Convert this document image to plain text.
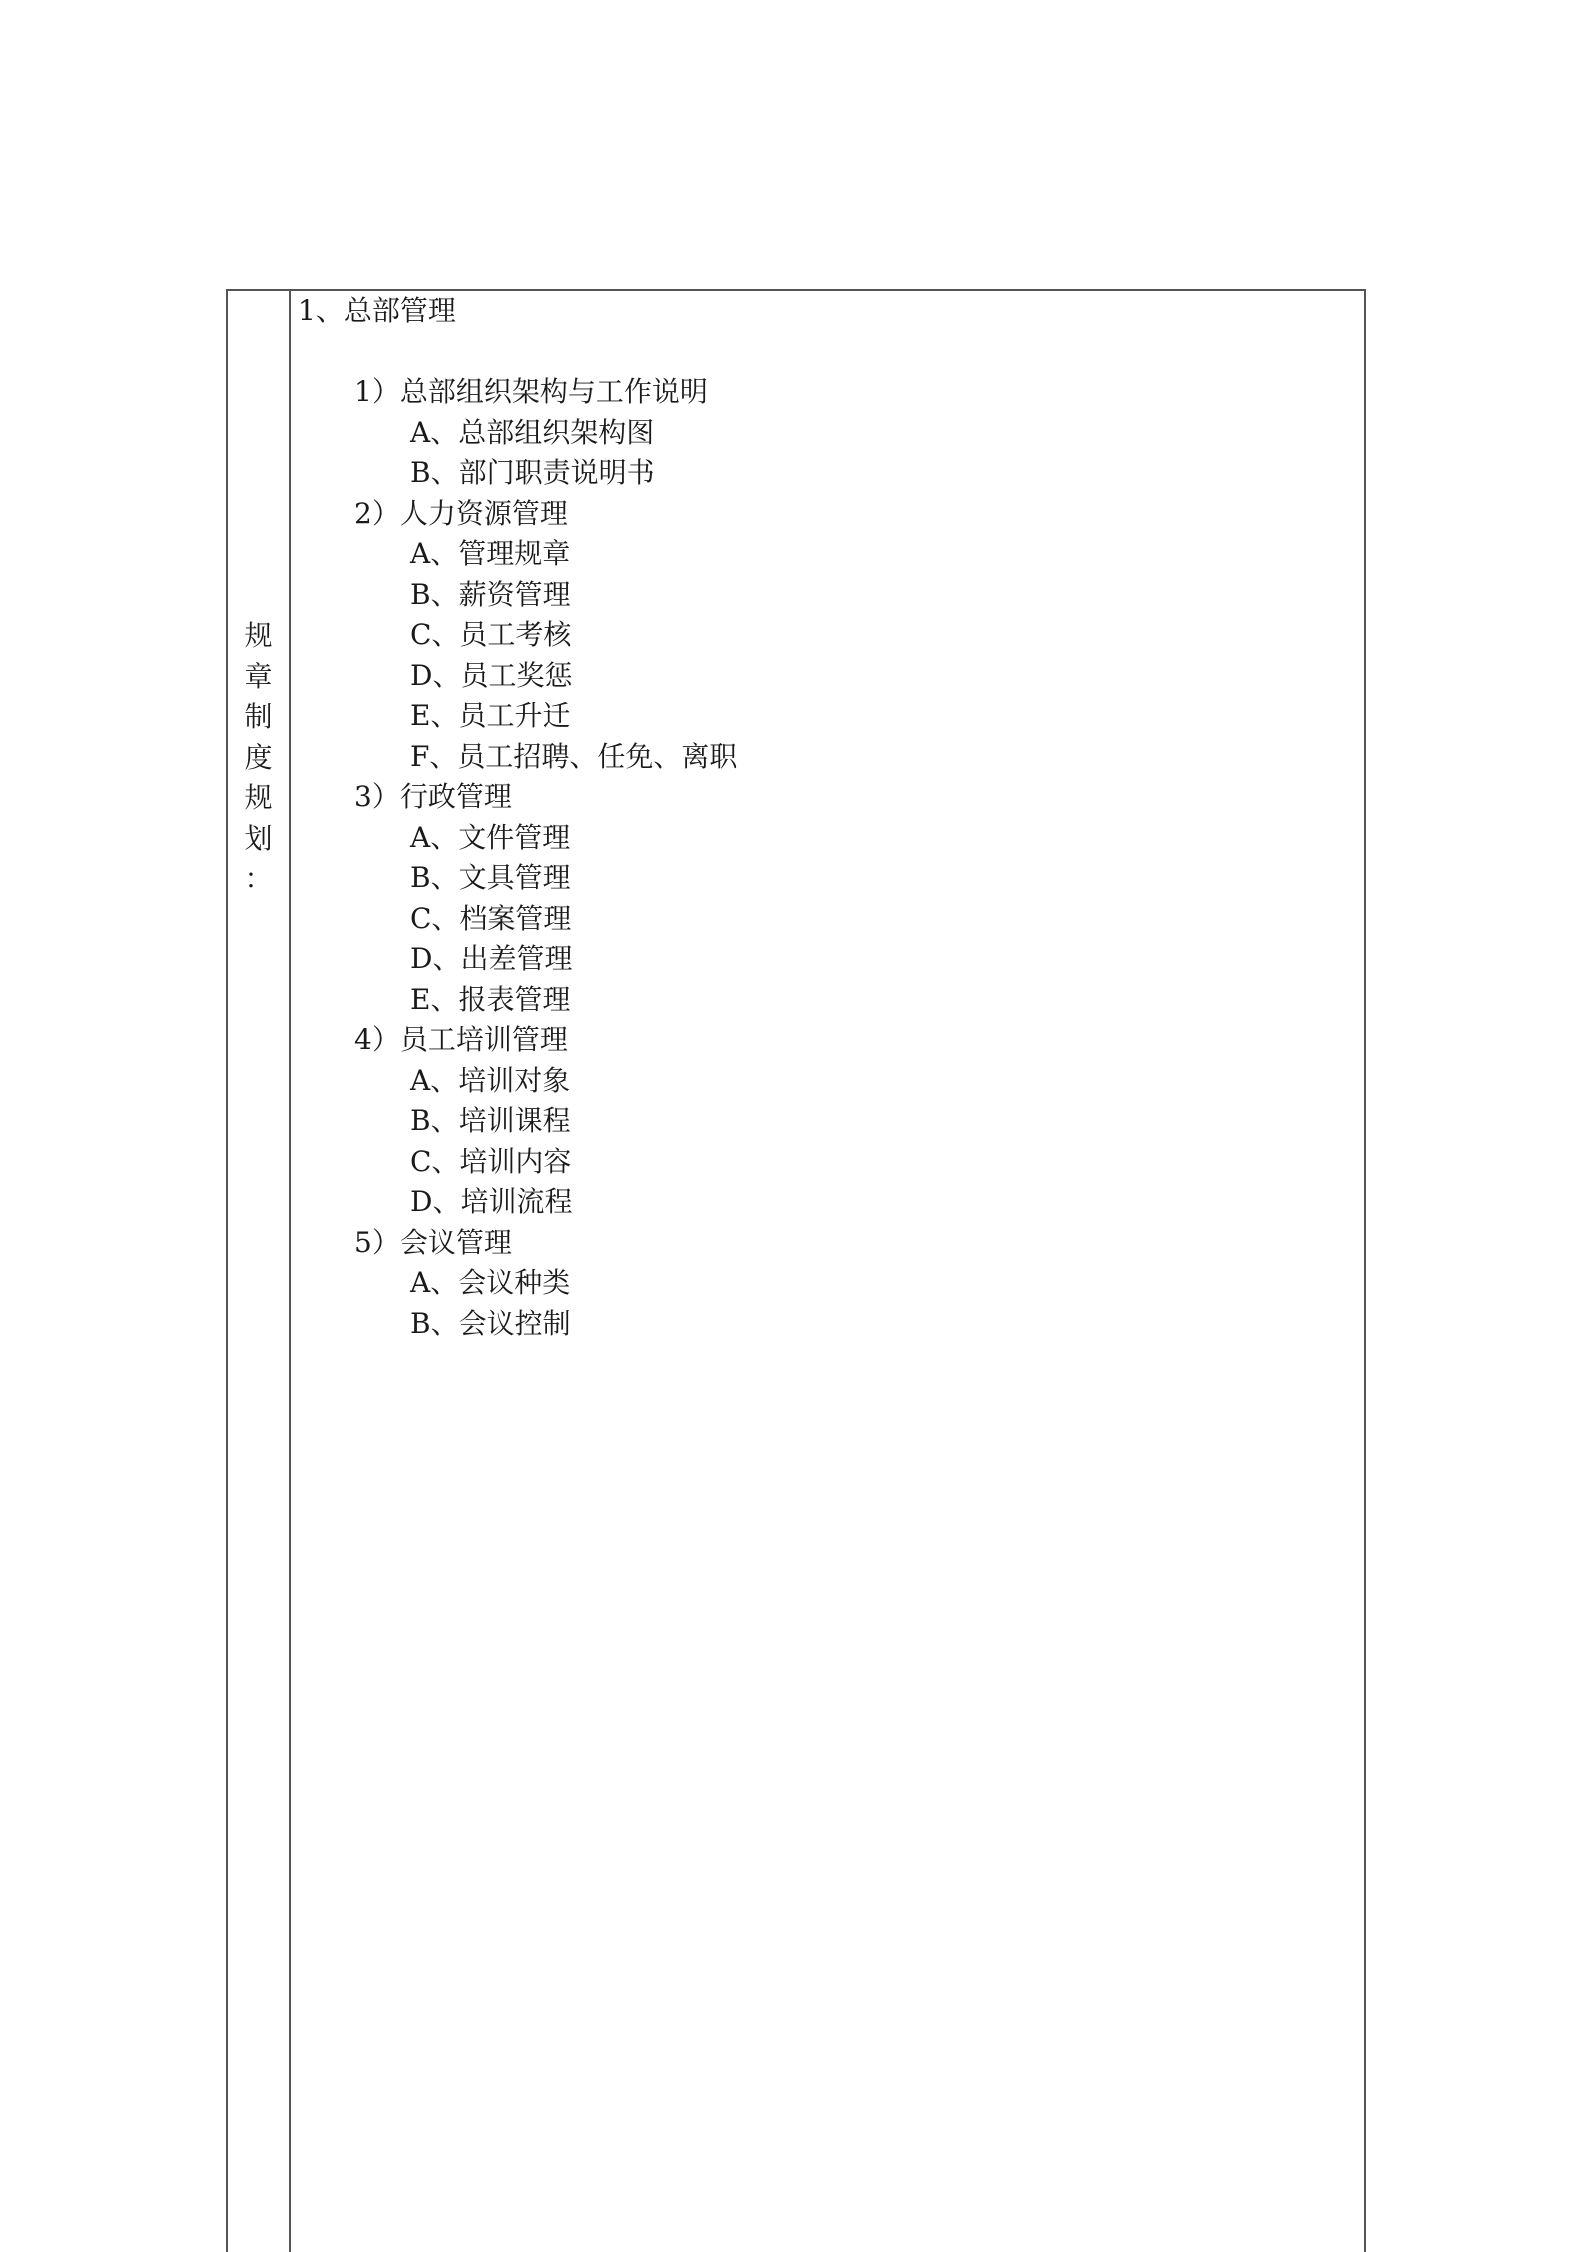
规
章
制
度
规
划
：
1、总部管理
1）总部组织架构与工作说明
A、总部组织架构图
B、部门职责说明书
2）人力资源管理
A、管理规章
B、薪资管理
C、员工考核
D、员工奖惩
E、员工升迁
F、员工招聘、任免、离职
3）行政管理
A、文件管理
B、文具管理
C、档案管理
D、出差管理
E、报表管理
4）员工培训管理
A、培训对象
B、培训课程
C、培训内容
D、培训流程
5）会议管理
A、会议种类
B、会议控制
